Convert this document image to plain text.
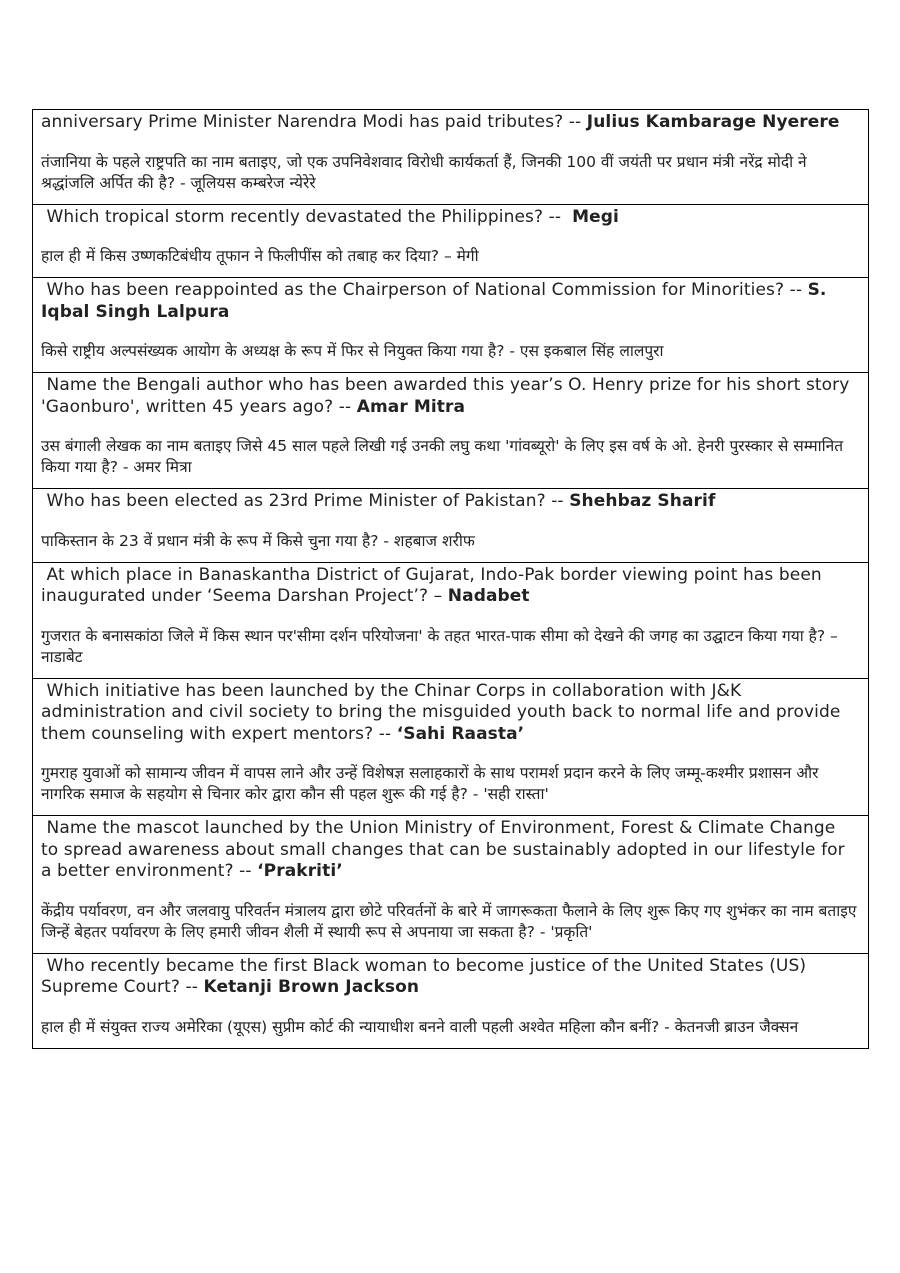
anniversary Prime Minister Narendra Modi has paid tributes? -- Julius Kambarage Nyerere

तंजानिया के पहले राष्ट्रपति का नाम बताइए, जो एक उपनिवेशवाद विरोधी कार्यकर्ता हैं, जिनकी 100 वीं जयंती पर प्रधान मंत्री नरेंद्र मोदी ने श्रद्धांजलि अर्पित की है? - जूलियस कम्बरेज न्येरेरे

Which tropical storm recently devastated the Philippines? --  Megi

हाल ही में किस उष्णकटिबंधीय तूफान ने फिलीपींस को तबाह कर दिया? – मेगी

Who has been reappointed as the Chairperson of National Commission for Minorities? -- S. Iqbal Singh Lalpura

किसे राष्ट्रीय अल्पसंख्यक आयोग के अध्यक्ष के रूप में फिर से नियुक्त किया गया है? - एस इकबाल सिंह लालपुरा

Name the Bengali author who has been awarded this year’s O. Henry prize for his short story 'Gaonburo', written 45 years ago? -- Amar Mitra

उस बंगाली लेखक का नाम बताइए जिसे 45 साल पहले लिखी गई उनकी लघु कथा 'गांवब्यूरो' के लिए इस वर्ष के ओ. हेनरी पुरस्कार से सम्मानित किया गया है? - अमर मित्रा

Who has been elected as 23rd Prime Minister of Pakistan? -- Shehbaz Sharif

पाकिस्तान के 23 वें प्रधान मंत्री के रूप में किसे चुना गया है? - शहबाज शरीफ

At which place in Banaskantha District of Gujarat, Indo-Pak border viewing point has been inaugurated under ‘Seema Darshan Project’? – Nadabet

गुजरात के बनासकांठा जिले में किस स्थान पर'सीमा दर्शन परियोजना' के तहत भारत-पाक सीमा को देखने की जगह का उद्घाटन किया गया है? – नाडाबेट

Which initiative has been launched by the Chinar Corps in collaboration with J&K administration and civil society to bring the misguided youth back to normal life and provide them counseling with expert mentors? -- ‘Sahi Raasta’

गुमराह युवाओं को सामान्य जीवन में वापस लाने और उन्हें विशेषज्ञ सलाहकारों के साथ परामर्श प्रदान करने के लिए जम्मू-कश्मीर प्रशासन और नागरिक समाज के सहयोग से चिनार कोर द्वारा कौन सी पहल शुरू की गई है? - 'सही रास्ता'

Name the mascot launched by the Union Ministry of Environment, Forest & Climate Change to spread awareness about small changes that can be sustainably adopted in our lifestyle for a better environment? -- ‘Prakriti’

केंद्रीय पर्यावरण, वन और जलवायु परिवर्तन मंत्रालय द्वारा छोटे परिवर्तनों के बारे में जागरूकता फैलाने के लिए शुरू किए गए शुभंकर का नाम बताइए जिन्हें बेहतर पर्यावरण के लिए हमारी जीवन शैली में स्थायी रूप से अपनाया जा सकता है? - 'प्रकृति'

Who recently became the first Black woman to become justice of the United States (US) Supreme Court? -- Ketanji Brown Jackson

हाल ही में संयुक्त राज्य अमेरिका (यूएस) सुप्रीम कोर्ट की न्यायाधीश बनने वाली पहली अश्वेत महिला कौन बनीं? - केतनजी ब्राउन जैक्सन
